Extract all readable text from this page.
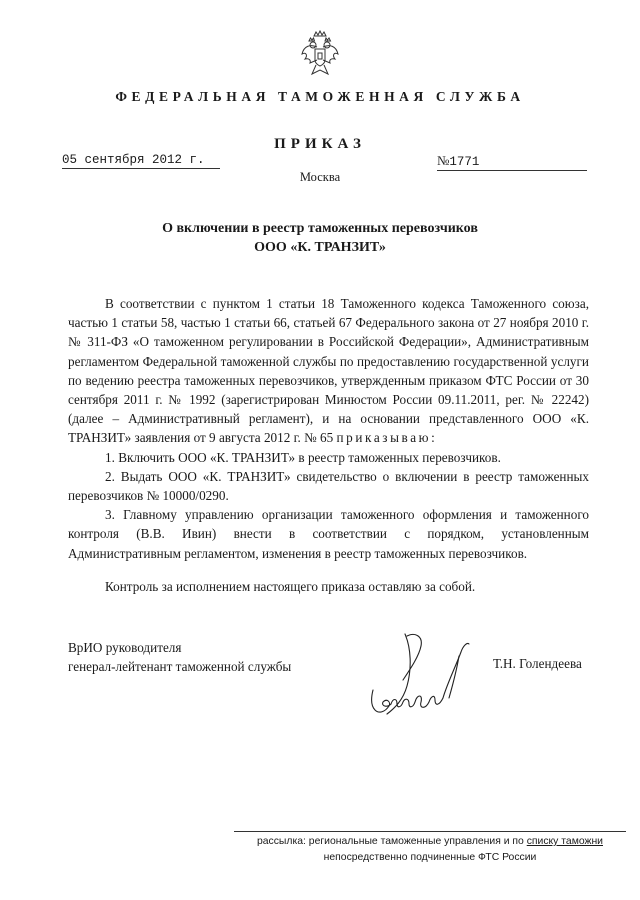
ФЕДЕРАЛЬНАЯ ТАМОЖЕННАЯ СЛУЖБА
ПРИКАЗ
05 сентября 2012 г.	№1771
Москва
О включении в реестр таможенных перевозчиков
ООО «К. ТРАНЗИТ»

В соответствии с пунктом 1 статьи 18 Таможенного кодекса Таможенного союза, частью 1 статьи 58, частью 1 статьи 66, статьей 67 Федерального закона от 27 ноября 2010 г. № 311-ФЗ «О таможенном регулировании в Российской Федерации», Административным регламентом Федеральной таможенной службы по предоставлению государственной услуги по ведению реестра таможенных перевозчиков, утвержденным приказом ФТС России от 30 сентября 2011 г. № 1992 (зарегистрирован Минюстом России 09.11.2011, рег. № 22242) (далее – Административный регламент), и на основании представленного ООО «К. ТРАНЗИТ» заявления от 9 августа 2012 г. № 65 приказываю:

1. Включить ООО «К. ТРАНЗИТ» в реестр таможенных перевозчиков.

2. Выдать ООО «К. ТРАНЗИТ» свидетельство о включении в реестр таможенных перевозчиков № 10000/0290.

3. Главному управлению организации таможенного оформления и таможенного контроля (В.В. Ивин) внести в соответствии с порядком, установленным Административным регламентом, изменения в реестр таможенных перевозчиков.

Контроль за исполнением настоящего приказа оставляю за собой.

ВрИО руководителя
генерал-лейтенант таможенной службы	Т.Н. Голендеева
рассылка: региональные таможенные управления и по списку таможни
непосредственно подчиненные ФТС России
